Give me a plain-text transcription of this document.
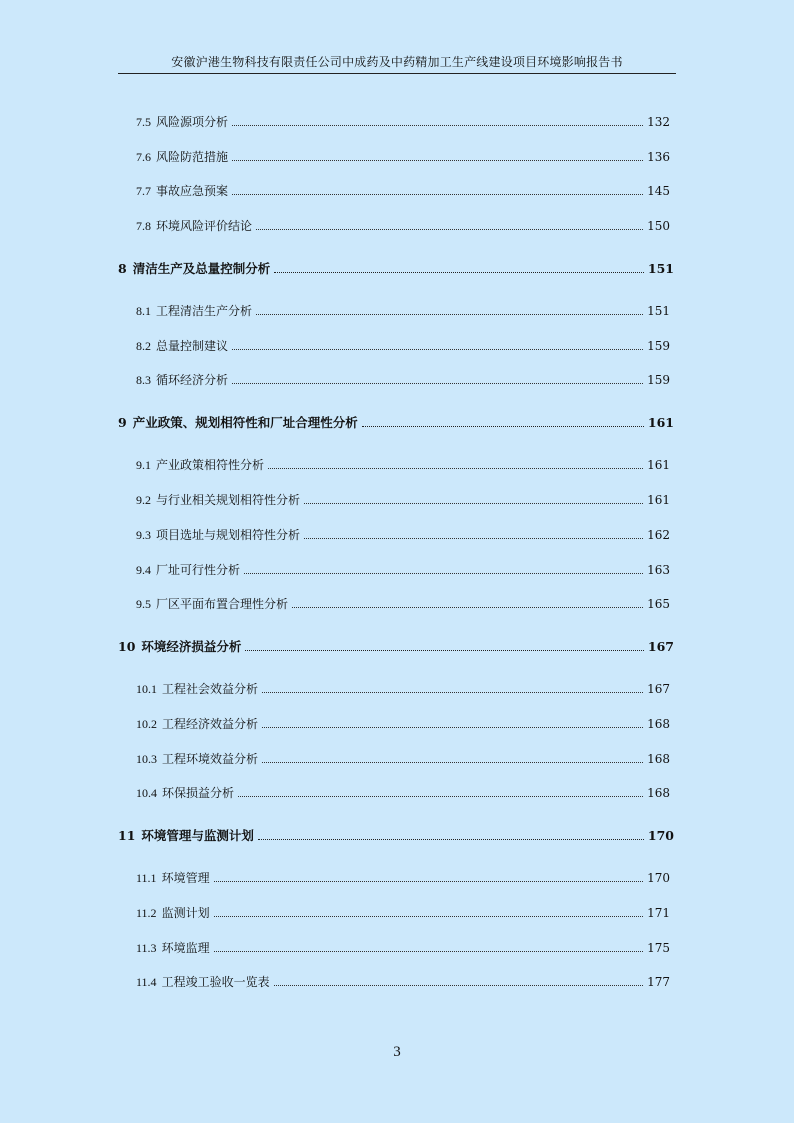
安徽沪港生物科技有限责任公司中成药及中药精加工生产线建设项目环境影响报告书
7.5 风险源项分析	132
7.6 风险防范措施	136
7.7 事故应急预案	145
7.8 环境风险评价结论	150
8 清洁生产及总量控制分析	151
8.1 工程清洁生产分析	151
8.2 总量控制建议	159
8.3 循环经济分析	159
9 产业政策、规划相符性和厂址合理性分析	161
9.1 产业政策相符性分析	161
9.2 与行业相关规划相符性分析	161
9.3 项目选址与规划相符性分析	162
9.4 厂址可行性分析	163
9.5 厂区平面布置合理性分析	165
10 环境经济损益分析	167
10.1 工程社会效益分析	167
10.2 工程经济效益分析	168
10.3 工程环境效益分析	168
10.4 环保损益分析	168
11 环境管理与监测计划	170
11.1 环境管理	170
11.2 监测计划	171
11.3 环境监理	175
11.4 工程竣工验收一览表	177
3
